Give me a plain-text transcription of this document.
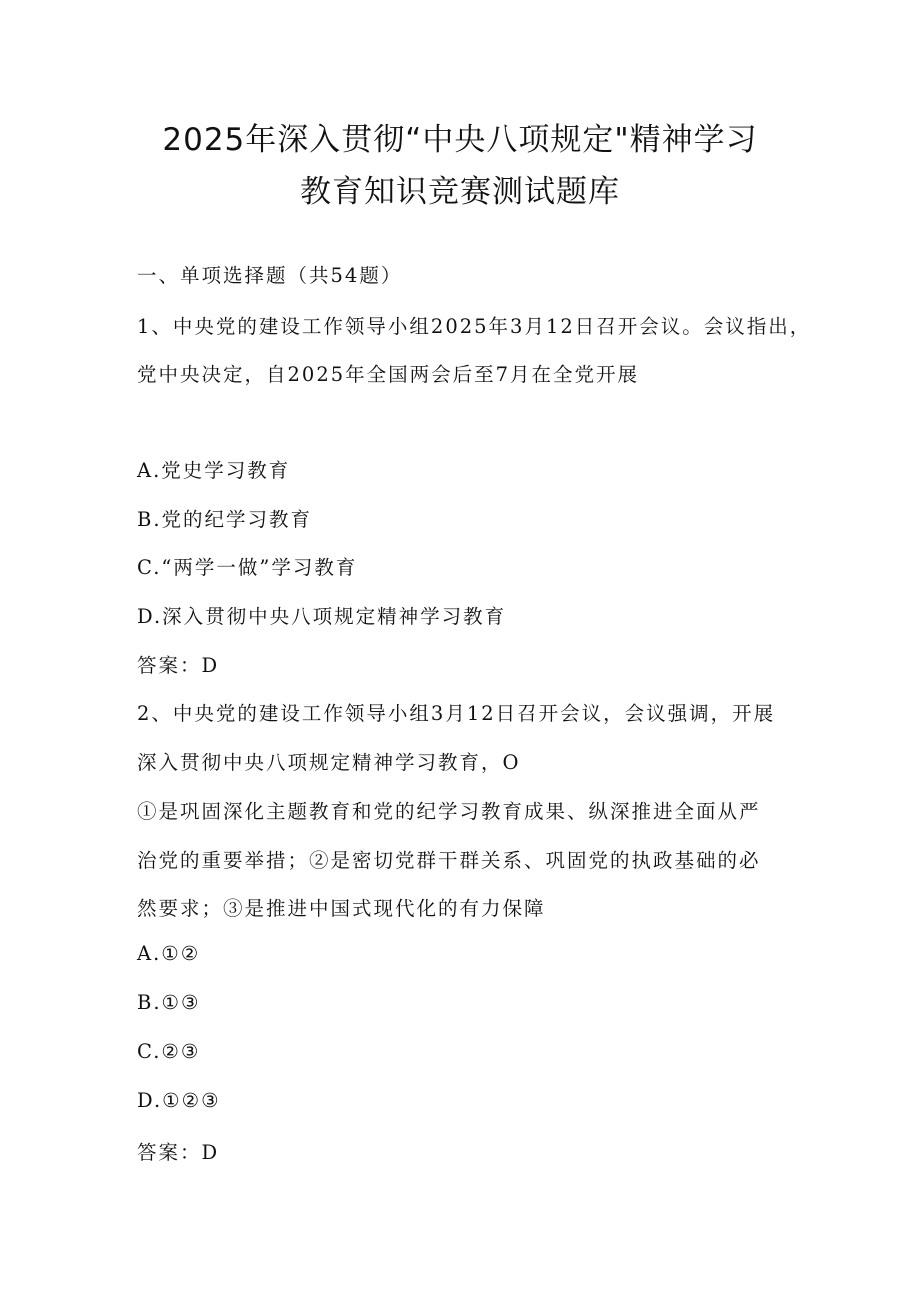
2025年深入贯彻“中央八项规定"精神学习
教育知识竞赛测试题库
一、单项选择题（共54题）
1、中央党的建设工作领导小组2025年3月12日召开会议。会议指出，
党中央决定，自2025年全国两会后至7月在全党开展
A.党史学习教育
B.党的纪学习教育
C.“两学一做”学习教育
D.深入贯彻中央八项规定精神学习教育
答案：D
2、中央党的建设工作领导小组3月12日召开会议，会议强调，开展
深入贯彻中央八项规定精神学习教育，O
①是巩固深化主题教育和党的纪学习教育成果、纵深推进全面从严
治党的重要举措；②是密切党群干群关系、巩固党的执政基础的必
然要求；③是推进中国式现代化的有力保障
A.①②
B.①③
C.②③
D.①②③
答案：D
